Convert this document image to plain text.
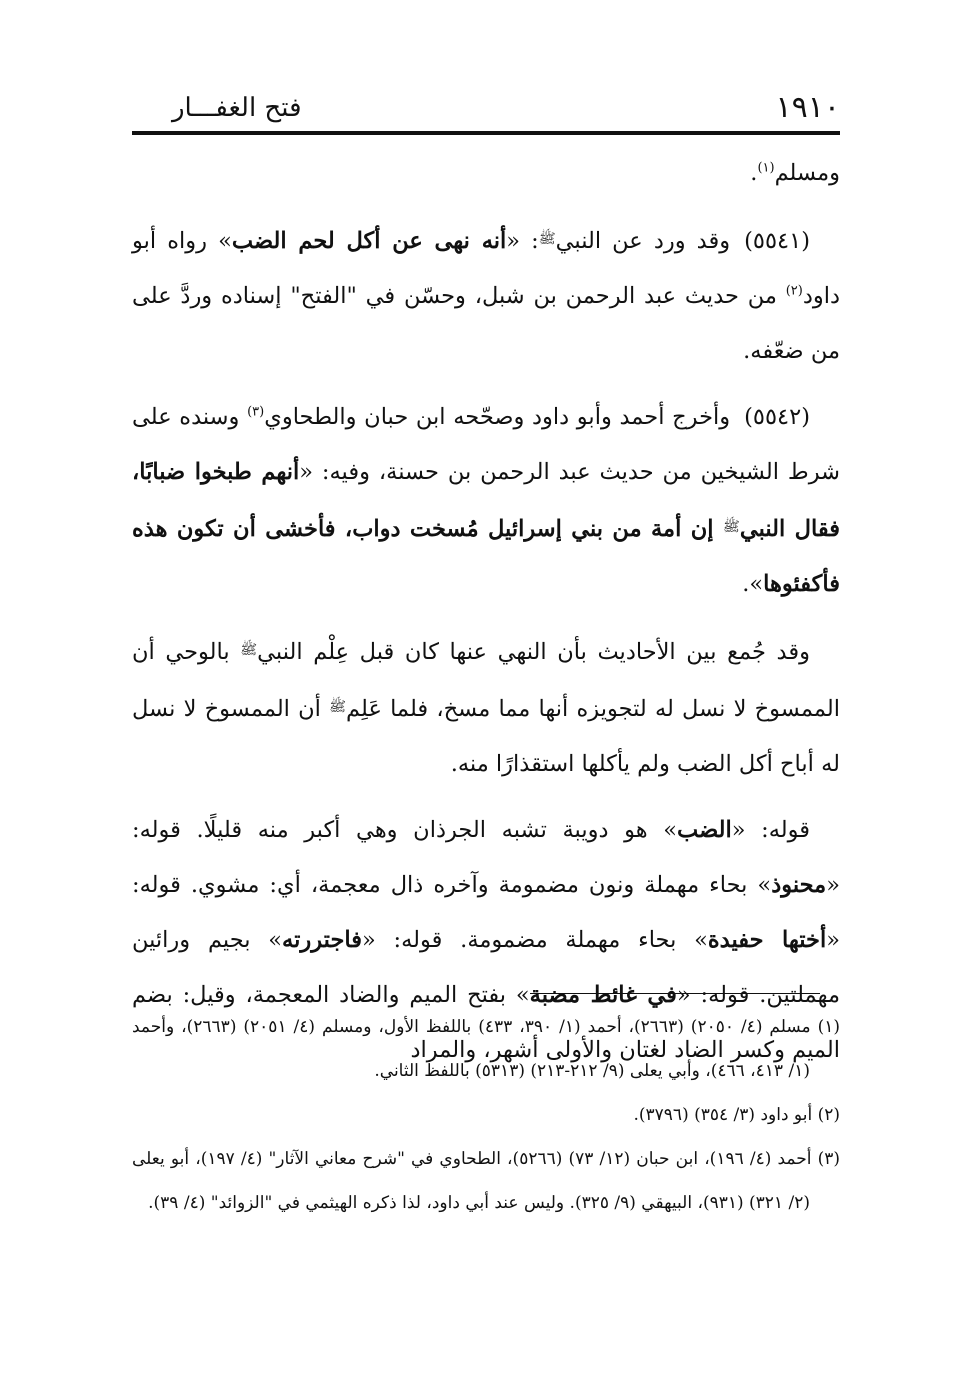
١٩١٠
فتح الغفـــار

ومسلم$^{(١)}$.

(٥٥٤١)وقد ورد عن النبي$^ﷺ$: «أنه نهى عن أكل لحم الضب» رواه أبو داود$^{(٢)}$ من حديث عبد الرحمن بن شبل، وحسّن في "الفتح" إسناده وردَّ على من ضعّفه.

(٥٥٤٢)وأخرج أحمد وأبو داود وصحّحه ابن حبان والطحاوي$^{(٣)}$ وسنده على شرط الشيخين من حديث عبد الرحمن بن حسنة، وفيه: «أنهم طبخوا ضبابًا، فقال النبي$^ﷺ$ إن أمة من بني إسرائيل مُسخت دواب، فأخشى أن تكون هذه فأكفئوها».

وقد جُمع بين الأحاديث بأن النهي عنها كان قبل عِلْم النبي$^ﷺ$ بالوحي أن الممسوخ لا نسل له لتجويزه أنها مما مسخ، فلما عَلِم$^ﷺ$ أن الممسوخ لا نسل له أباح أكل الضب ولم يأكلها استقذارًا منه.

قوله: «الضب» هو دويبة تشبه الجرذان وهي أكبر منه قليلًا. قوله: «محنوذ» بحاء مهملة ونون مضمومة وآخره ذال معجمة، أي: مشوي. قوله: «أختها حفيدة» بحاء مهملة مضمومة. قوله: «فاجتررته» بجيم ورائين مهملتين. قوله: «في غائط مضبة» بفتح الميم والضاد المعجمة، وقيل: بضم الميم وكسر الضاد لغتان والأولى أشهر، والمراد

(١) مسلم (٤/ ٢٠٥٠) (٢٦٦٣)، أحمد (١/ ٣٩٠، ٤٣٣) باللفظ الأول، ومسلم (٤/ ٢٠٥١) (٢٦٦٣)، وأحمد (١/ ٤١٣، ٤٦٦)، وأبي يعلى (٩/ ٢١٢-٢١٣) (٥٣١٣) باللفظ الثاني.

(٢) أبو داود (٣/ ٣٥٤) (٣٧٩٦).

(٣) أحمد (٤/ ١٩٦)، ابن حبان (١٢/ ٧٣) (٥٢٦٦)، الطحاوي في "شرح معاني الآثار" (٤/ ١٩٧)، أبو يعلى (٢/ ٣٢١) (٩٣١)، البيهقي (٩/ ٣٢٥). وليس عند أبي داود، لذا ذكره الهيثمي في "الزوائد" (٤/ ٣٩).
